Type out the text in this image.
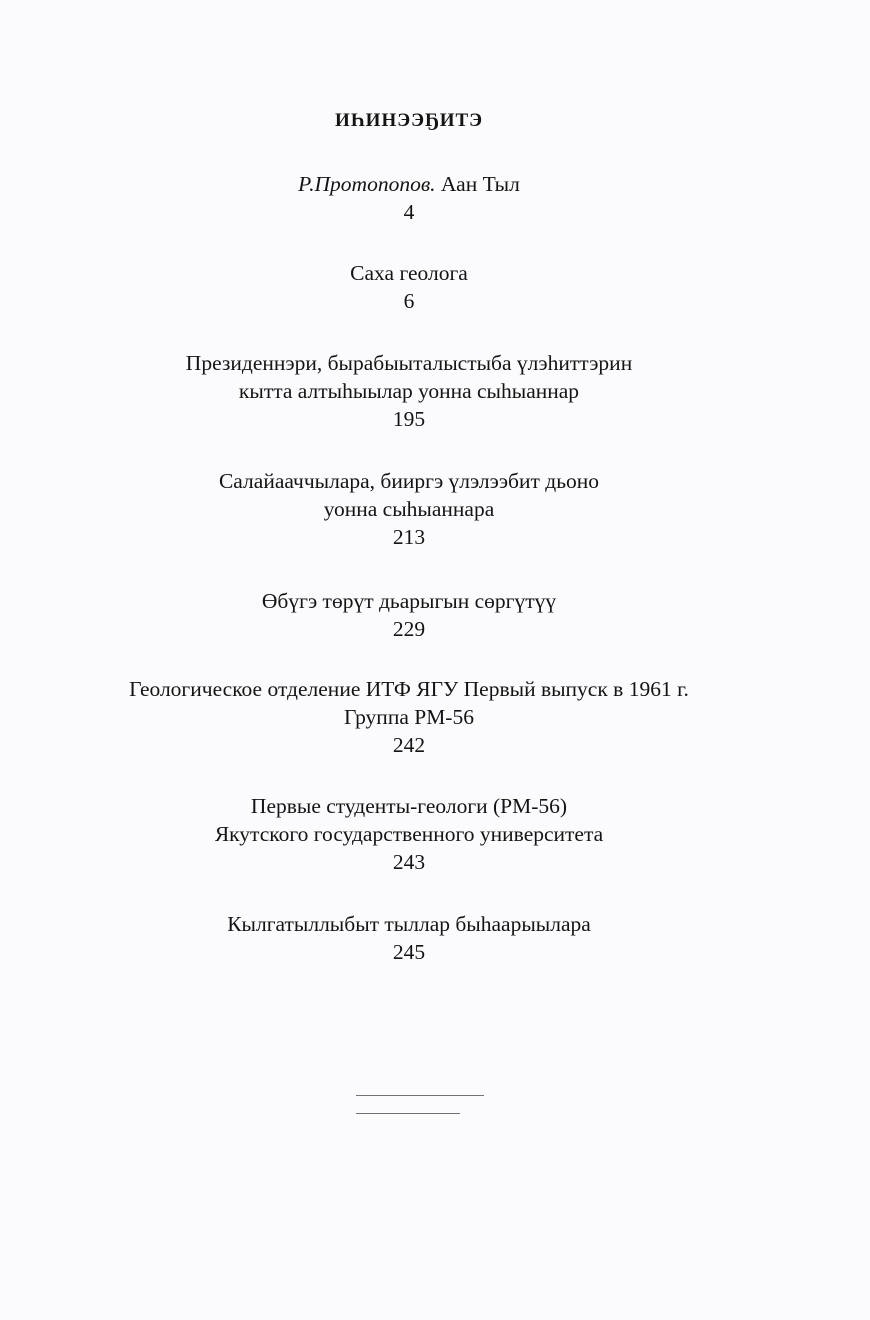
ИҺИНЭЭҔИТЭ
Р.Протопопов. Аан Тыл
4
Саха геолога
6
Президеннэри, бырабыыталыстыба үлэһиттэрин
кытта алтыһыылар уонна сыһыаннар
195
Салайааччылара, бииргэ үлэлээбит дьоно
уонна сыһыаннара
213
Өбүгэ төрүт дьарыгын сөргүтүү
229
Геологическое отделение ИТФ ЯГУ Первый выпуск в 1961 г.
Группа РМ-56
242
Первые студенты-геологи (РМ-56)
Якутского государственного университета
243
Кылгатыллыбыт тыллар быһаарыылара
245
